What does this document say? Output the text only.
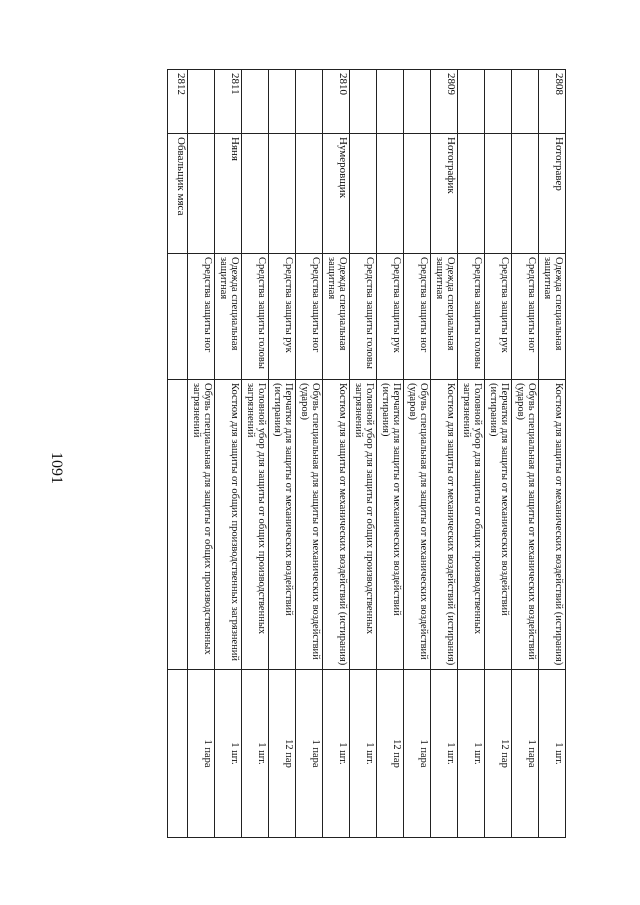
1091
2808	Нотогравер	Одежда специальная защитная	Костюм для защиты от механических воздействий (истирания)	1 шт.
		Средства защиты ног	Обувь специальная для защиты от механических воздействий (ударов)	1 пара
		Средства защиты рук	Перчатки для защиты от механических воздействий (истирания)	12 пар
		Средства защиты головы	Головной убор для защиты от общих производственных загрязнений	1 шт.
2809	Нотографик	Одежда специальная защитная	Костюм для защиты от механических воздействий (истирания)	1 шт.
		Средства защиты ног	Обувь специальная для защиты от механических воздействий (ударов)	1 пара
		Средства защиты рук	Перчатки для защиты от механических воздействий (истирания)	12 пар
		Средства защиты головы	Головной убор для защиты от общих производственных загрязнений	1 шт.
2810	Нумеровщик	Одежда специальная защитная	Костюм для защиты от механических воздействий (истирания)	1 шт.
		Средства защиты ног	Обувь специальная для защиты от механических воздействий (ударов)	1 пара
		Средства защиты рук	Перчатки для защиты от механических воздействий (истирания)	12 пар
		Средства защиты головы	Головной убор для защиты от общих производственных загрязнений	1 шт.
2811	Няня	Одежда специальная защитная	Костюм для защиты от общих производственных загрязнений	1 шт.
		Средства защиты ног	Обувь специальная для защиты от общих производственных загрязнений	1 пара
2812	Обвальщик мяса			
